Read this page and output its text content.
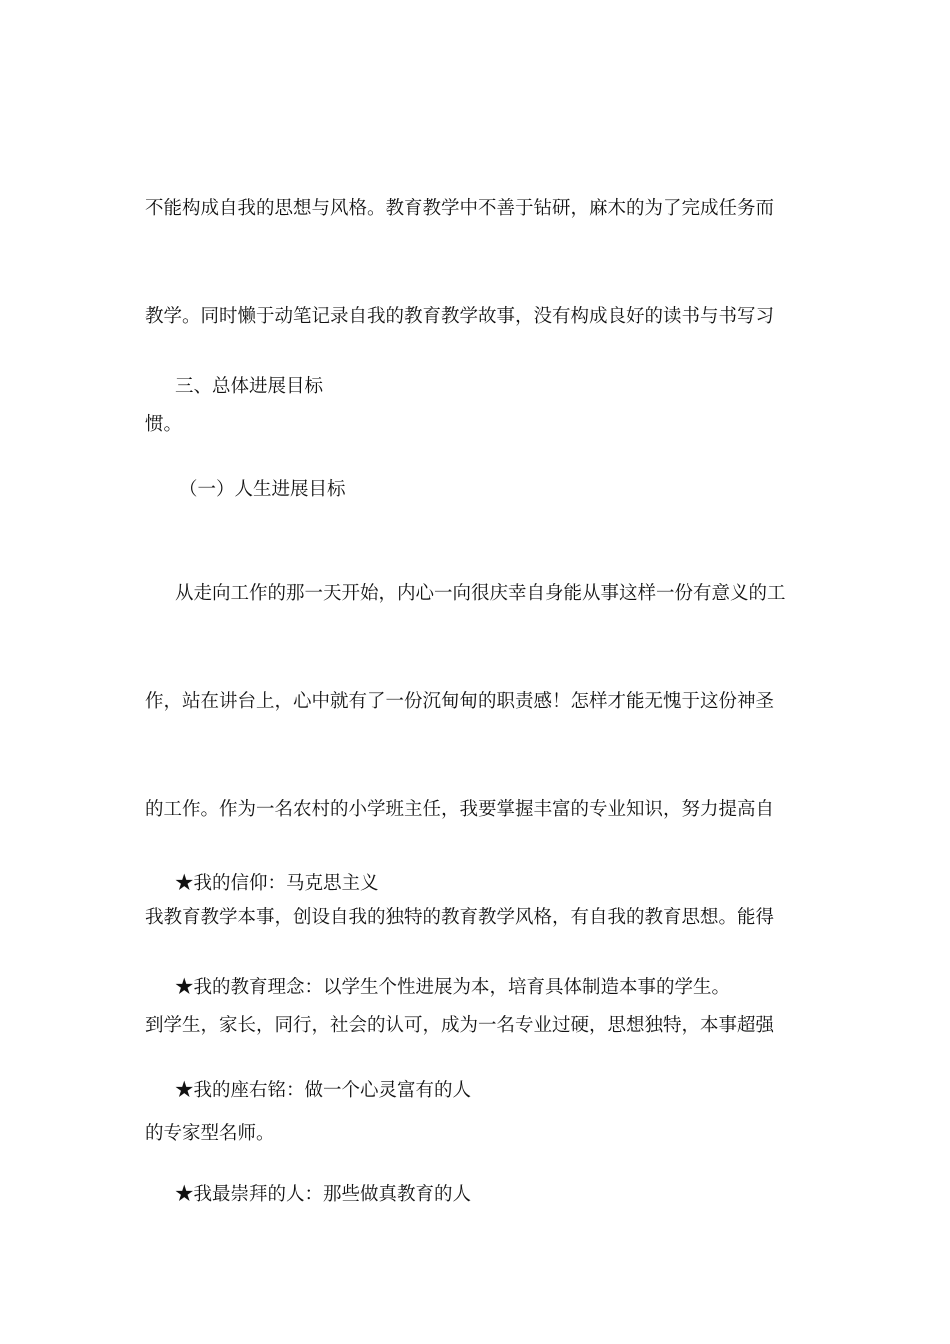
不能构成自我的思想与风格。教育教学中不善于钻研，麻木的为了完成任务而

教学。同时懒于动笔记录自我的教育教学故事，没有构成良好的读书与书写习

惯。

三、总体进展目标

（一）人生进展目标

从走向工作的那一天开始，内心一向很庆幸自身能从事这样一份有意义的工

作，站在讲台上，心中就有了一份沉甸甸的职责感！怎样才能无愧于这份神圣

的工作。作为一名农村的小学班主任，我要掌握丰富的专业知识，努力提高自

我教育教学本事，创设自我的独特的教育教学风格，有自我的教育思想。能得

到学生，家长，同行，社会的认可，成为一名专业过硬，思想独特，本事超强

的专家型名师。

★我的信仰：马克思主义

★我的教育理念：以学生个性进展为本，培育具体制造本事的学生。

★我的座右铭：做一个心灵富有的人

★我最崇拜的人：那些做真教育的人
